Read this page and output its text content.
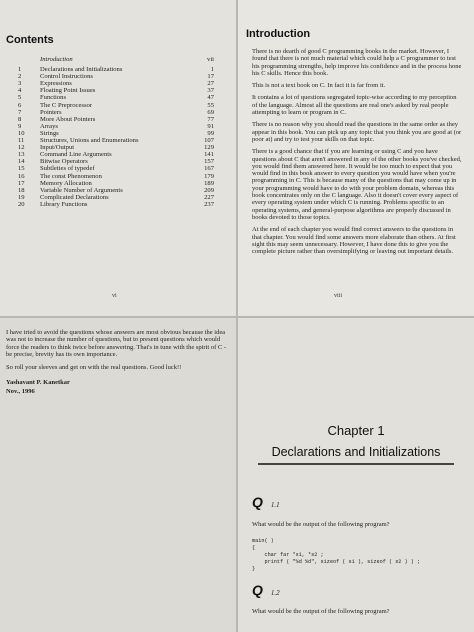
Contents
Introduction	vii
1	Declarations and Initializations	1
2	Control Instructions	17
3	Expressions	27
4	Floating Point Issues	37
5	Functions	47
6	The C Preprocessor	55
7	Pointers	69
8	More About Pointers	77
9	Arrays	91
10	Strings	99
11	Structures, Unions and Enumerations	107
12	Input/Output	129
13	Command Line Arguments	141
14	Bitwise Operators	157
15	Subtleties of typedef	167
16	The const Phenomenon	179
17	Memory Allocation	189
18	Variable Number of Arguments	209
19	Complicated Declarations	227
20	Library Functions	237
vi
Introduction

There is no dearth of good C programming books in the market. However, I found that there is not much material which could help a C programmer to test his programming strengths, help improve his confidence and in the process hone his C skills. Hence this book.

This is not a text book on C. In fact it is far from it.

It contains a lot of questions segregated topic-wise according to my perception of the language. Almost all the questions are real one's asked by real people attempting to learn or program in C.

There is no reason why you should read the questions in the same order as they appear in this book. You can pick up any topic that you think you are good at (or poor at) and try to test your skills on that topic.

There is a good chance that if you are learning or using C and you have questions about C that aren't answered in any of the other books you've checked, you would find them answered here. It would be too much to expect that you would find in this book answer to every question you would have when you're programming in C. This is because many of the questions that may come up in your programming would have to do with your problem domain, whereas this book concentrates only on the C language. Also it doesn't cover every aspect of every operating system under which C is running. Problems specific to an operating systems, and general-purpose algorithms are properly discussed in books devoted to those topics.

At the end of each chapter you would find correct answers to the questions in that chapter. You would find some answers more elaborate than others. At first sight this may seem unnecessary. However, I have done this to give you the complete picture rather than oversimplifying or leaving out important details.

viii

I have tried to avoid the questions whose answers are most obvious because the idea was not to increase the number of questions, but to present questions which would force the readers to think twice before answering. That's in tune with the spirit of C - be precise, brevity has its own importance.

So roll your sleeves and get on with the real questions. Good luck!!

Yashavant P. Kanetkar
Nov., 1996
Chapter 1
Declarations and Initializations
Q 1.1
What would be the output of the following program?
main( )
{
char far *s1, *s2 ;
printf ( "%d %d", sizeof ( s1 ), sizeof ( s2 ) ) ;
}
Q 1.2
What would be the output of the following program?
